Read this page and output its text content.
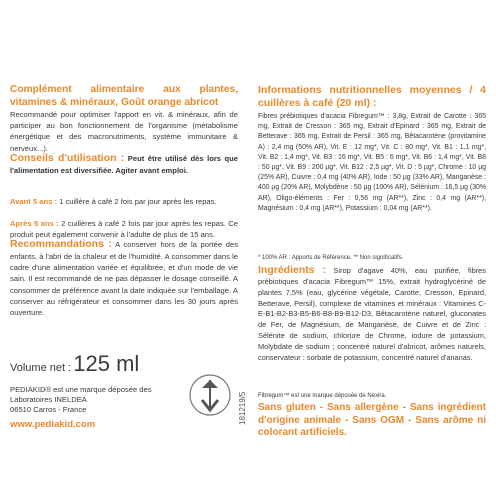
Complément alimentaire aux plantes, vitamines & minéraux, Goût orange abricot
Recommandé pour optimiser l'apport en vit. & minéraux, afin de participer au bon fonctionnement de l'organisme (métabolisme énergétique et des macronutriments, système immunitaire & nerveux...).
Conseils d'utilisation : Peut être utilisé dès lors que l'alimentation est diversifiée. Agiter avant emploi.
Avant 5 ans : 1 cuillère à café 2 fois par jour après les repas.
Après 5 ans : 2 cuillères à café 2 fois par jour après les repas. Ce produit peut également convenir à l'adulte de plus de 15 ans.
Recommandations : A conserver hors de la portée des enfants, à l'abri de la chaleur et de l'humidité. A consommer dans le cadre d'une alimentation variée et équilibrée, et d'un mode de vie sain. Il est recommandé de ne pas dépasser le dosage conseillé. A consommer de préférence avant la date indiquée sur l'emballage. A conserver au réfrigérateur et consommer dans les 30 jours après ouverture.
Volume net : 125 ml
PEDIAKID® est une marque déposée des
Laboratoires INELDEA
06510 Carros - France
www.pediakid.com	181219/5
Informations nutritionnelles moyennes / 4 cuillères à café (20 ml) :
Fibres prébiotiques d'acacia Fibregum™ : 3,8g, Extrait de Carotte : 365 mg, Extrait de Cresson : 365 mg, Extrait d'Epinard : 365 mg, Extrait de Betterave : 365 mg, Extrait de Persil : 365 mg, Bêtacarotène (provitamine A) : 2,4 mg (50% AR), Vit. E : 12 mg*, Vit. C : 80 mg*, Vit. B1 : 1,1 mg*, Vit. B2 : 1,4 mg*, Vit. B3 : 16 mg*, Vit. B5 : 6 mg*, Vit. B6 : 1,4 mg*, Vit. B8 : 50 µg*, Vit. B9 : 200 µg*, Vit. B12 : 2,5 µg*, Vit. D : 5 µg*, Chrome : 10 µg (25% AR), Cuivre : 0,4 mg (40% AR), Iode : 50 µg (33% AR), Manganèse : 400 µg (20% AR), Molybdène : 50 µg (100% AR), Sélénium : 16,5 µg (30% AR), Oligo-éléments : Fer : 0,56 mg (AR**), Zinc : 0,4 mg (AR**), Magnésium : 0,4 mg (AR**), Potassium : 0,04 mg (AR**).
* 100% AR : Apports de Référence. ** Non significatifs.
Ingrédients : Sirop d'agave 40%, eau purifiée, fibres prébiotiques d'acacia Fibregum™ 15%, extrait hydroglycériné de plantes 7,5% (eau, glycérine végétale, Carotte, Cresson, Epinard, Betterave, Persil), complexe de vitamines et minéraux : Vitamines C-E-B1-B2-B3-B5-B6-B8-B9-B12-D3, Bêtacarotène naturel, gluconates de Fer, de Magnésium, de Manganèse, de Cuivre et de Zinc : Sélénite de sodium, chlorure de Chrome, iodure de potassium, Molybdate de sodium ; concentré naturel d'abricot, arômes naturels, conservateur : sorbate de potassium, concentré naturel d'ananas.
Fibregum™ est une marque déposée de Nexira.
Sans gluten - Sans allergène - Sans ingrédient d'origine animale - Sans OGM - Sans arôme ni colorant artificiels.
